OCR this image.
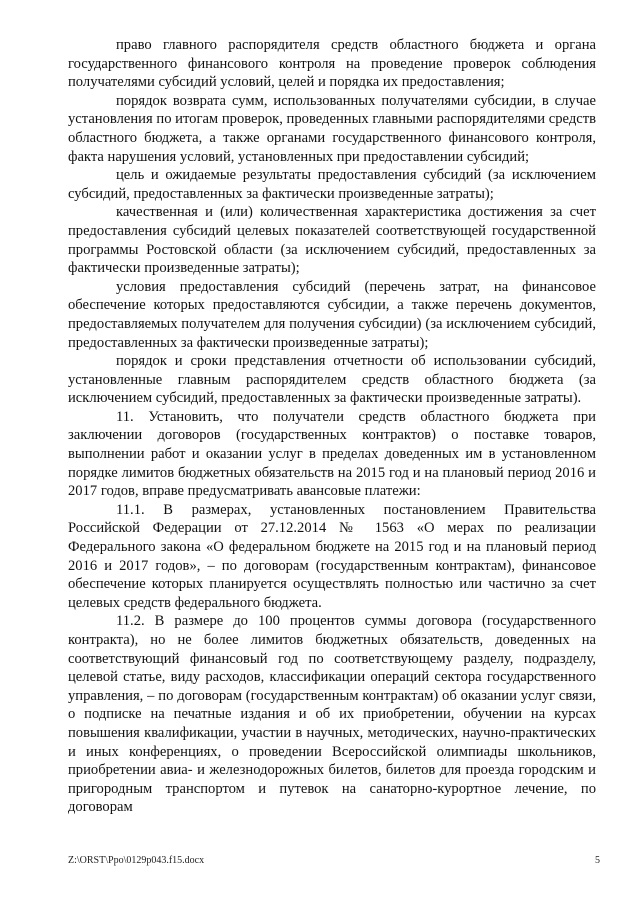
право главного распорядителя средств областного бюджета и органа государственного финансового контроля на проведение проверок соблюдения получателями субсидий условий, целей и порядка их предоставления;

порядок возврата сумм, использованных получателями субсидии, в случае установления по итогам проверок, проведенных главными распорядителями средств областного бюджета, а также органами государственного финансового контроля, факта нарушения условий, установленных при предоставлении субсидий;

цель и ожидаемые результаты предоставления субсидий (за исключением субсидий, предоставленных за фактически произведенные затраты);

качественная и (или) количественная характеристика достижения за счет предоставления субсидий целевых показателей соответствующей государственной программы Ростовской области (за исключением субсидий, предоставленных за фактически произведенные затраты);

условия предоставления субсидий (перечень затрат, на финансовое обеспечение которых предоставляются субсидии, а также перечень документов, предоставляемых получателем для получения субсидии) (за исключением субсидий, предоставленных за фактически произведенные затраты);

порядок и сроки представления отчетности об использовании субсидий, установленные главным распорядителем средств областного бюджета (за исключением субсидий, предоставленных за фактически произведенные затраты).

11. Установить, что получатели средств областного бюджета при заключении договоров (государственных контрактов) о поставке товаров, выполнении работ и оказании услуг в пределах доведенных им в установленном порядке лимитов бюджетных обязательств на 2015 год и на плановый период 2016 и 2017 годов, вправе предусматривать авансовые платежи:

11.1. В размерах, установленных постановлением Правительства Российской Федерации от 27.12.2014 № 1563 «О мерах по реализации Федерального закона «О федеральном бюджете на 2015 год и на плановый период 2016 и 2017 годов», – по договорам (государственным контрактам), финансовое обеспечение которых планируется осуществлять полностью или частично за счет целевых средств федерального бюджета.

11.2. В размере до 100 процентов суммы договора (государственного контракта), но не более лимитов бюджетных обязательств, доведенных на соответствующий финансовый год по соответствующему разделу, подразделу, целевой статье, виду расходов, классификации операций сектора государственного управления, – по договорам (государственным контрактам) об оказании услуг связи, о подписке на печатные издания и об их приобретении, обучении на курсах повышения квалификации, участии в научных, методических, научно-практических и иных конференциях, о проведении Всероссийской олимпиады школьников, приобретении авиа- и железнодорожных билетов, билетов для проезда городским и пригородным транспортом и путевок на санаторно-курортное лечение, по договорам

Z:\ORST\Ppo\0129p043.f15.docx	5
